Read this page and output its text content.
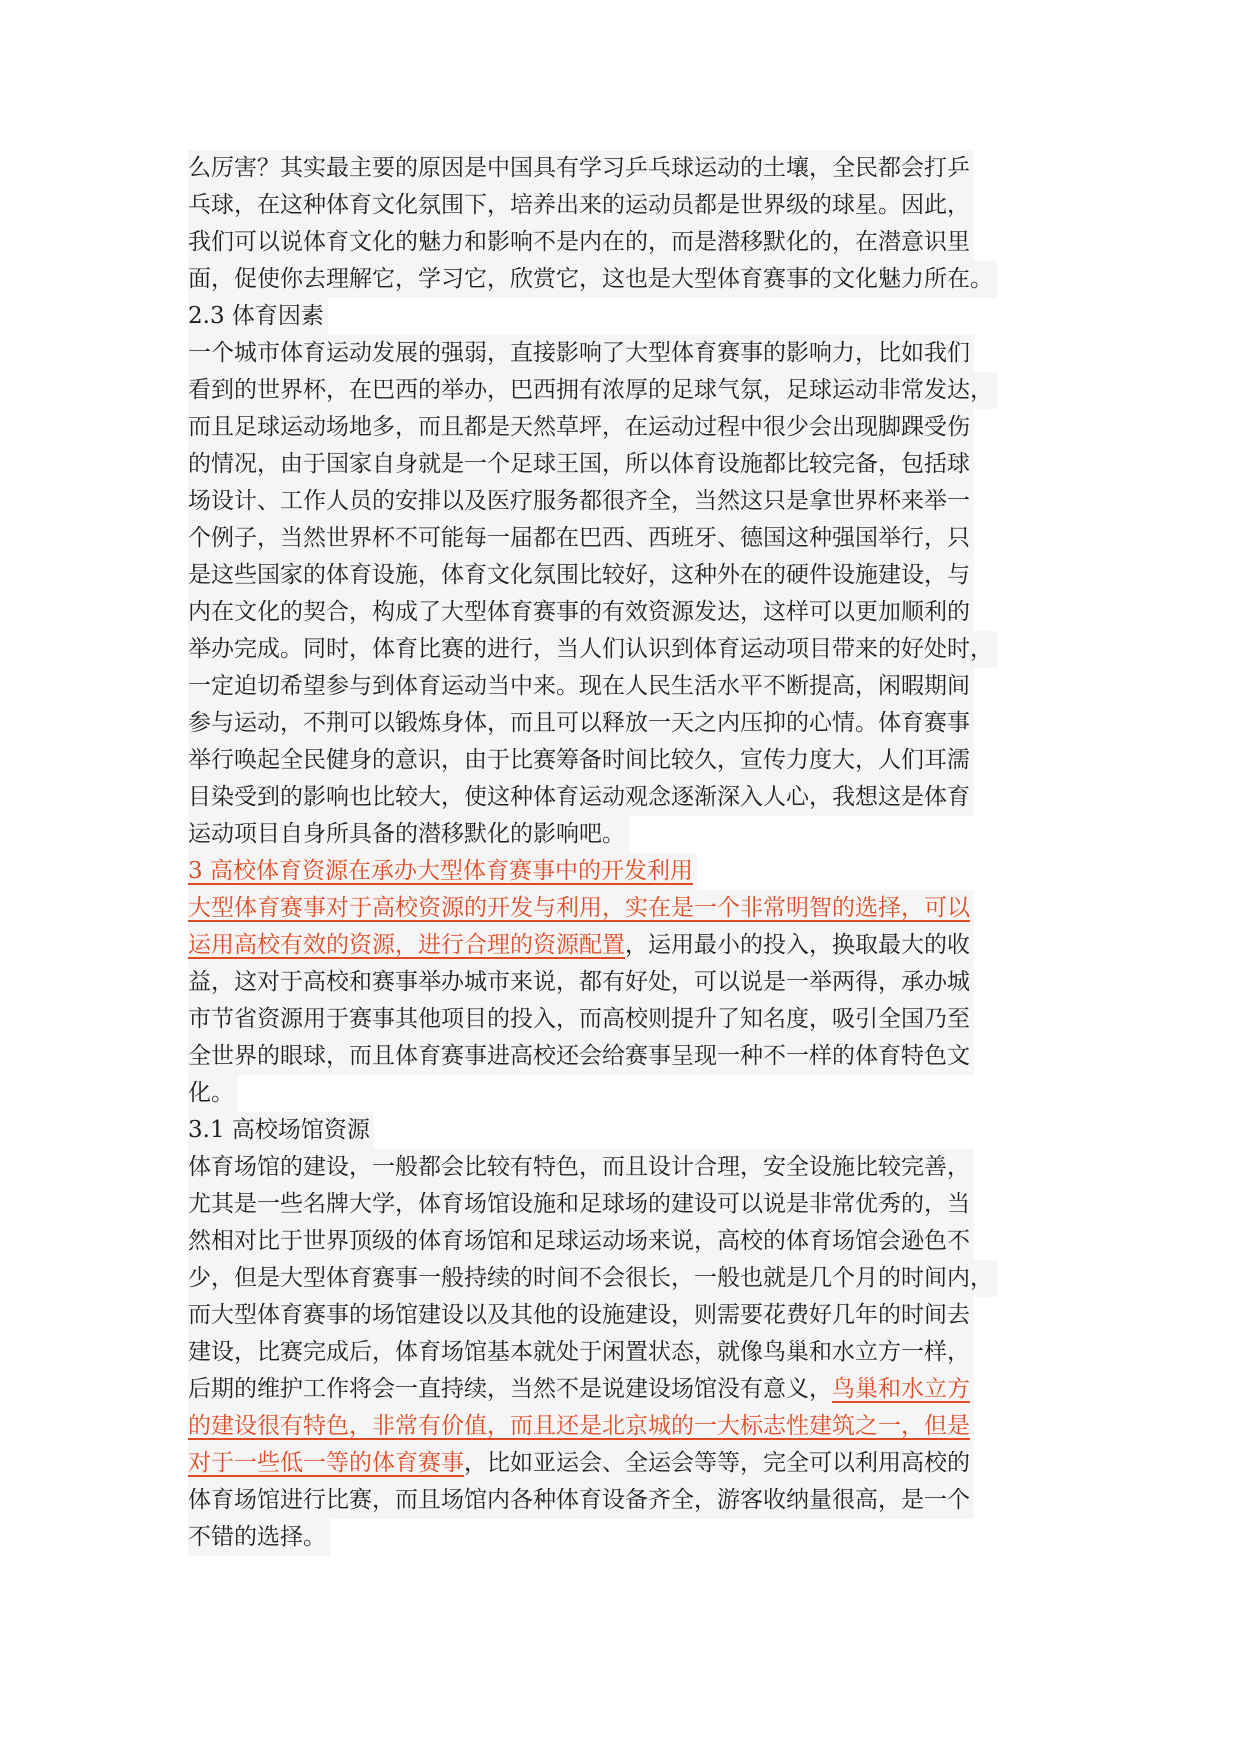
么厉害？其实最主要的原因是中国具有学习乒乓球运动的土壤，全民都会打乒
乓球，在这种体育文化氛围下，培养出来的运动员都是世界级的球星。因此，
我们可以说体育文化的魅力和影响不是内在的，而是潜移默化的，在潜意识里
面，促使你去理解它，学习它，欣赏它，这也是大型体育赛事的文化魅力所在。
2.3 体育因素
一个城市体育运动发展的强弱，直接影响了大型体育赛事的影响力，比如我们
看到的世界杯，在巴西的举办，巴西拥有浓厚的足球气氛，足球运动非常发达，
而且足球运动场地多，而且都是天然草坪，在运动过程中很少会出现脚踝受伤
的情况，由于国家自身就是一个足球王国，所以体育设施都比较完备，包括球
场设计、工作人员的安排以及医疗服务都很齐全，当然这只是拿世界杯来举一
个例子，当然世界杯不可能每一届都在巴西、西班牙、德国这种强国举行，只
是这些国家的体育设施，体育文化氛围比较好，这种外在的硬件设施建设，与
内在文化的契合，构成了大型体育赛事的有效资源发达，这样可以更加顺利的
举办完成。同时，体育比赛的进行，当人们认识到体育运动项目带来的好处时，
一定迫切希望参与到体育运动当中来。现在人民生活水平不断提高，闲暇期间
参与运动，不荆可以锻炼身体，而且可以释放一天之内压抑的心情。体育赛事
举行唤起全民健身的意识，由于比赛筹备时间比较久，宣传力度大，人们耳濡
目染受到的影响也比较大，使这种体育运动观念逐渐深入人心，我想这是体育
运动项目自身所具备的潜移默化的影响吧。
3 高校体育资源在承办大型体育赛事中的开发利用
大型体育赛事对于高校资源的开发与利用，实在是一个非常明智的选择，可以
运用高校有效的资源，进行合理的资源配置，运用最小的投入，换取最大的收
益，这对于高校和赛事举办城市来说，都有好处，可以说是一举两得，承办城
市节省资源用于赛事其他项目的投入，而高校则提升了知名度，吸引全国乃至
全世界的眼球，而且体育赛事进高校还会给赛事呈现一种不一样的体育特色文
化。
3.1 高校场馆资源
体育场馆的建设，一般都会比较有特色，而且设计合理，安全设施比较完善，
尤其是一些名牌大学，体育场馆设施和足球场的建设可以说是非常优秀的，当
然相对比于世界顶级的体育场馆和足球运动场来说，高校的体育场馆会逊色不
少，但是大型体育赛事一般持续的时间不会很长，一般也就是几个月的时间内，
而大型体育赛事的场馆建设以及其他的设施建设，则需要花费好几年的时间去
建设，比赛完成后，体育场馆基本就处于闲置状态，就像鸟巢和水立方一样，
后期的维护工作将会一直持续，当然不是说建设场馆没有意义，鸟巢和水立方
的建设很有特色，非常有价值，而且还是北京城的一大标志性建筑之一，但是
对于一些低一等的体育赛事，比如亚运会、全运会等等，完全可以利用高校的
体育场馆进行比赛，而且场馆内各种体育设备齐全，游客收纳量很高，是一个
不错的选择。
